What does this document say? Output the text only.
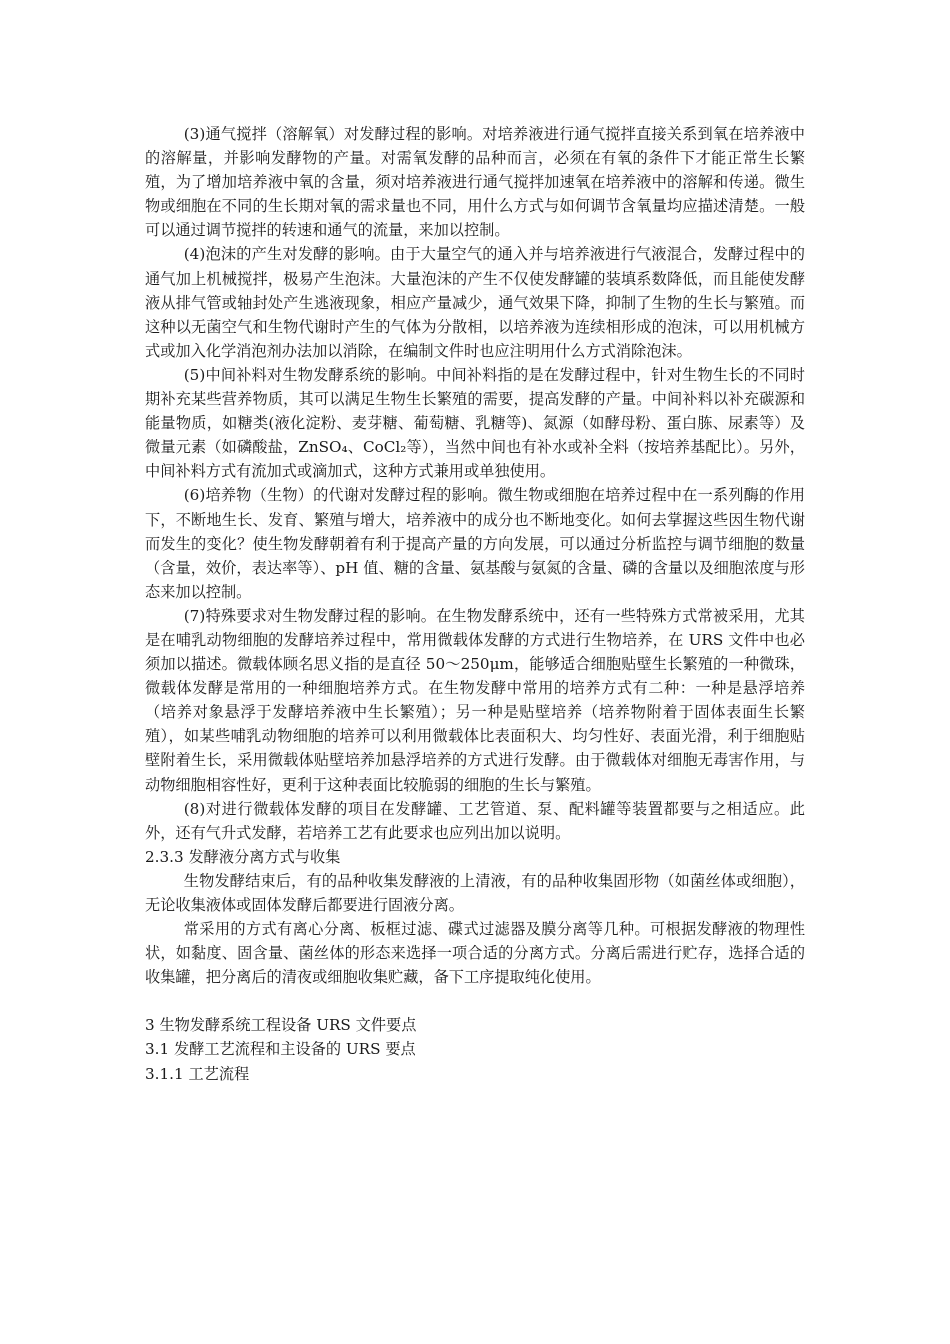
(3)通气搅拌（溶解氧）对发酵过程的影响。对培养液进行通气搅拌直接关系到氧在培养液中的溶解量，并影响发酵物的产量。对需氧发酵的品种而言，必须在有氧的条件下才能正常生长繁殖，为了增加培养液中氧的含量，须对培养液进行通气搅拌加速氧在培养液中的溶解和传递。微生物或细胞在不同的生长期对氧的需求量也不同，用什么方式与如何调节含氧量均应描述清楚。一般可以通过调节搅拌的转速和通气的流量，来加以控制。

(4)泡沫的产生对发酵的影响。由于大量空气的通入并与培养液进行气液混合，发酵过程中的通气加上机械搅拌，极易产生泡沫。大量泡沫的产生不仅使发酵罐的装填系数降低，而且能使发酵液从排气管或轴封处产生逃液现象，相应产量减少，通气效果下降，抑制了生物的生长与繁殖。而这种以无菌空气和生物代谢时产生的气体为分散相，以培养液为连续相形成的泡沫，可以用机械方式或加入化学消泡剂办法加以消除，在编制文件时也应注明用什么方式消除泡沫。

(5)中间补料对生物发酵系统的影响。中间补料指的是在发酵过程中，针对生物生长的不同时期补充某些营养物质，其可以满足生物生长繁殖的需要，提高发酵的产量。中间补料以补充碳源和能量物质，如糖类(液化淀粉、麦芽糖、葡萄糖、乳糖等)、氮源（如酵母粉、蛋白胨、尿素等）及微量元素（如磷酸盐，ZnSO₄、CoCl₂等），当然中间也有补水或补全料（按培养基配比）。另外，中间补料方式有流加式或滴加式，这种方式兼用或单独使用。

(6)培养物（生物）的代谢对发酵过程的影响。微生物或细胞在培养过程中在一系列酶的作用下，不断地生长、发育、繁殖与增大，培养液中的成分也不断地变化。如何去掌握这些因生物代谢而发生的变化？使生物发酵朝着有利于提高产量的方向发展，可以通过分析监控与调节细胞的数量（含量，效价，表达率等）、pH 值、糖的含量、氨基酸与氨氮的含量、磷的含量以及细胞浓度与形态来加以控制。

(7)特殊要求对生物发酵过程的影响。在生物发酵系统中，还有一些特殊方式常被采用，尤其是在哺乳动物细胞的发酵培养过程中，常用微载体发酵的方式进行生物培养，在 URS 文件中也必须加以描述。微载体顾名思义指的是直径 50～250μm，能够适合细胞贴壁生长繁殖的一种微珠，微载体发酵是常用的一种细胞培养方式。在生物发酵中常用的培养方式有二种：一种是悬浮培养（培养对象悬浮于发酵培养液中生长繁殖）；另一种是贴壁培养（培养物附着于固体表面生长繁殖），如某些哺乳动物细胞的培养可以利用微载体比表面积大、均匀性好、表面光滑，利于细胞贴壁附着生长，采用微载体贴壁培养加悬浮培养的方式进行发酵。由于微载体对细胞无毒害作用，与动物细胞相容性好，更利于这种表面比较脆弱的细胞的生长与繁殖。

(8)对进行微载体发酵的项目在发酵罐、工艺管道、泵、配料罐等装置都要与之相适应。此外，还有气升式发酵，若培养工艺有此要求也应列出加以说明。

2.3.3 发酵液分离方式与收集

生物发酵结束后，有的品种收集发酵液的上清液，有的品种收集固形物（如菌丝体或细胞），无论收集液体或固体发酵后都要进行固液分离。

常采用的方式有离心分离、板框过滤、碟式过滤器及膜分离等几种。可根据发酵液的物理性状，如黏度、固含量、菌丝体的形态来选择一项合适的分离方式。分离后需进行贮存，选择合适的收集罐，把分离后的清夜或细胞收集贮藏，备下工序提取纯化使用。

3 生物发酵系统工程设备 URS 文件要点

3.1 发酵工艺流程和主设备的 URS 要点

3.1.1 工艺流程
